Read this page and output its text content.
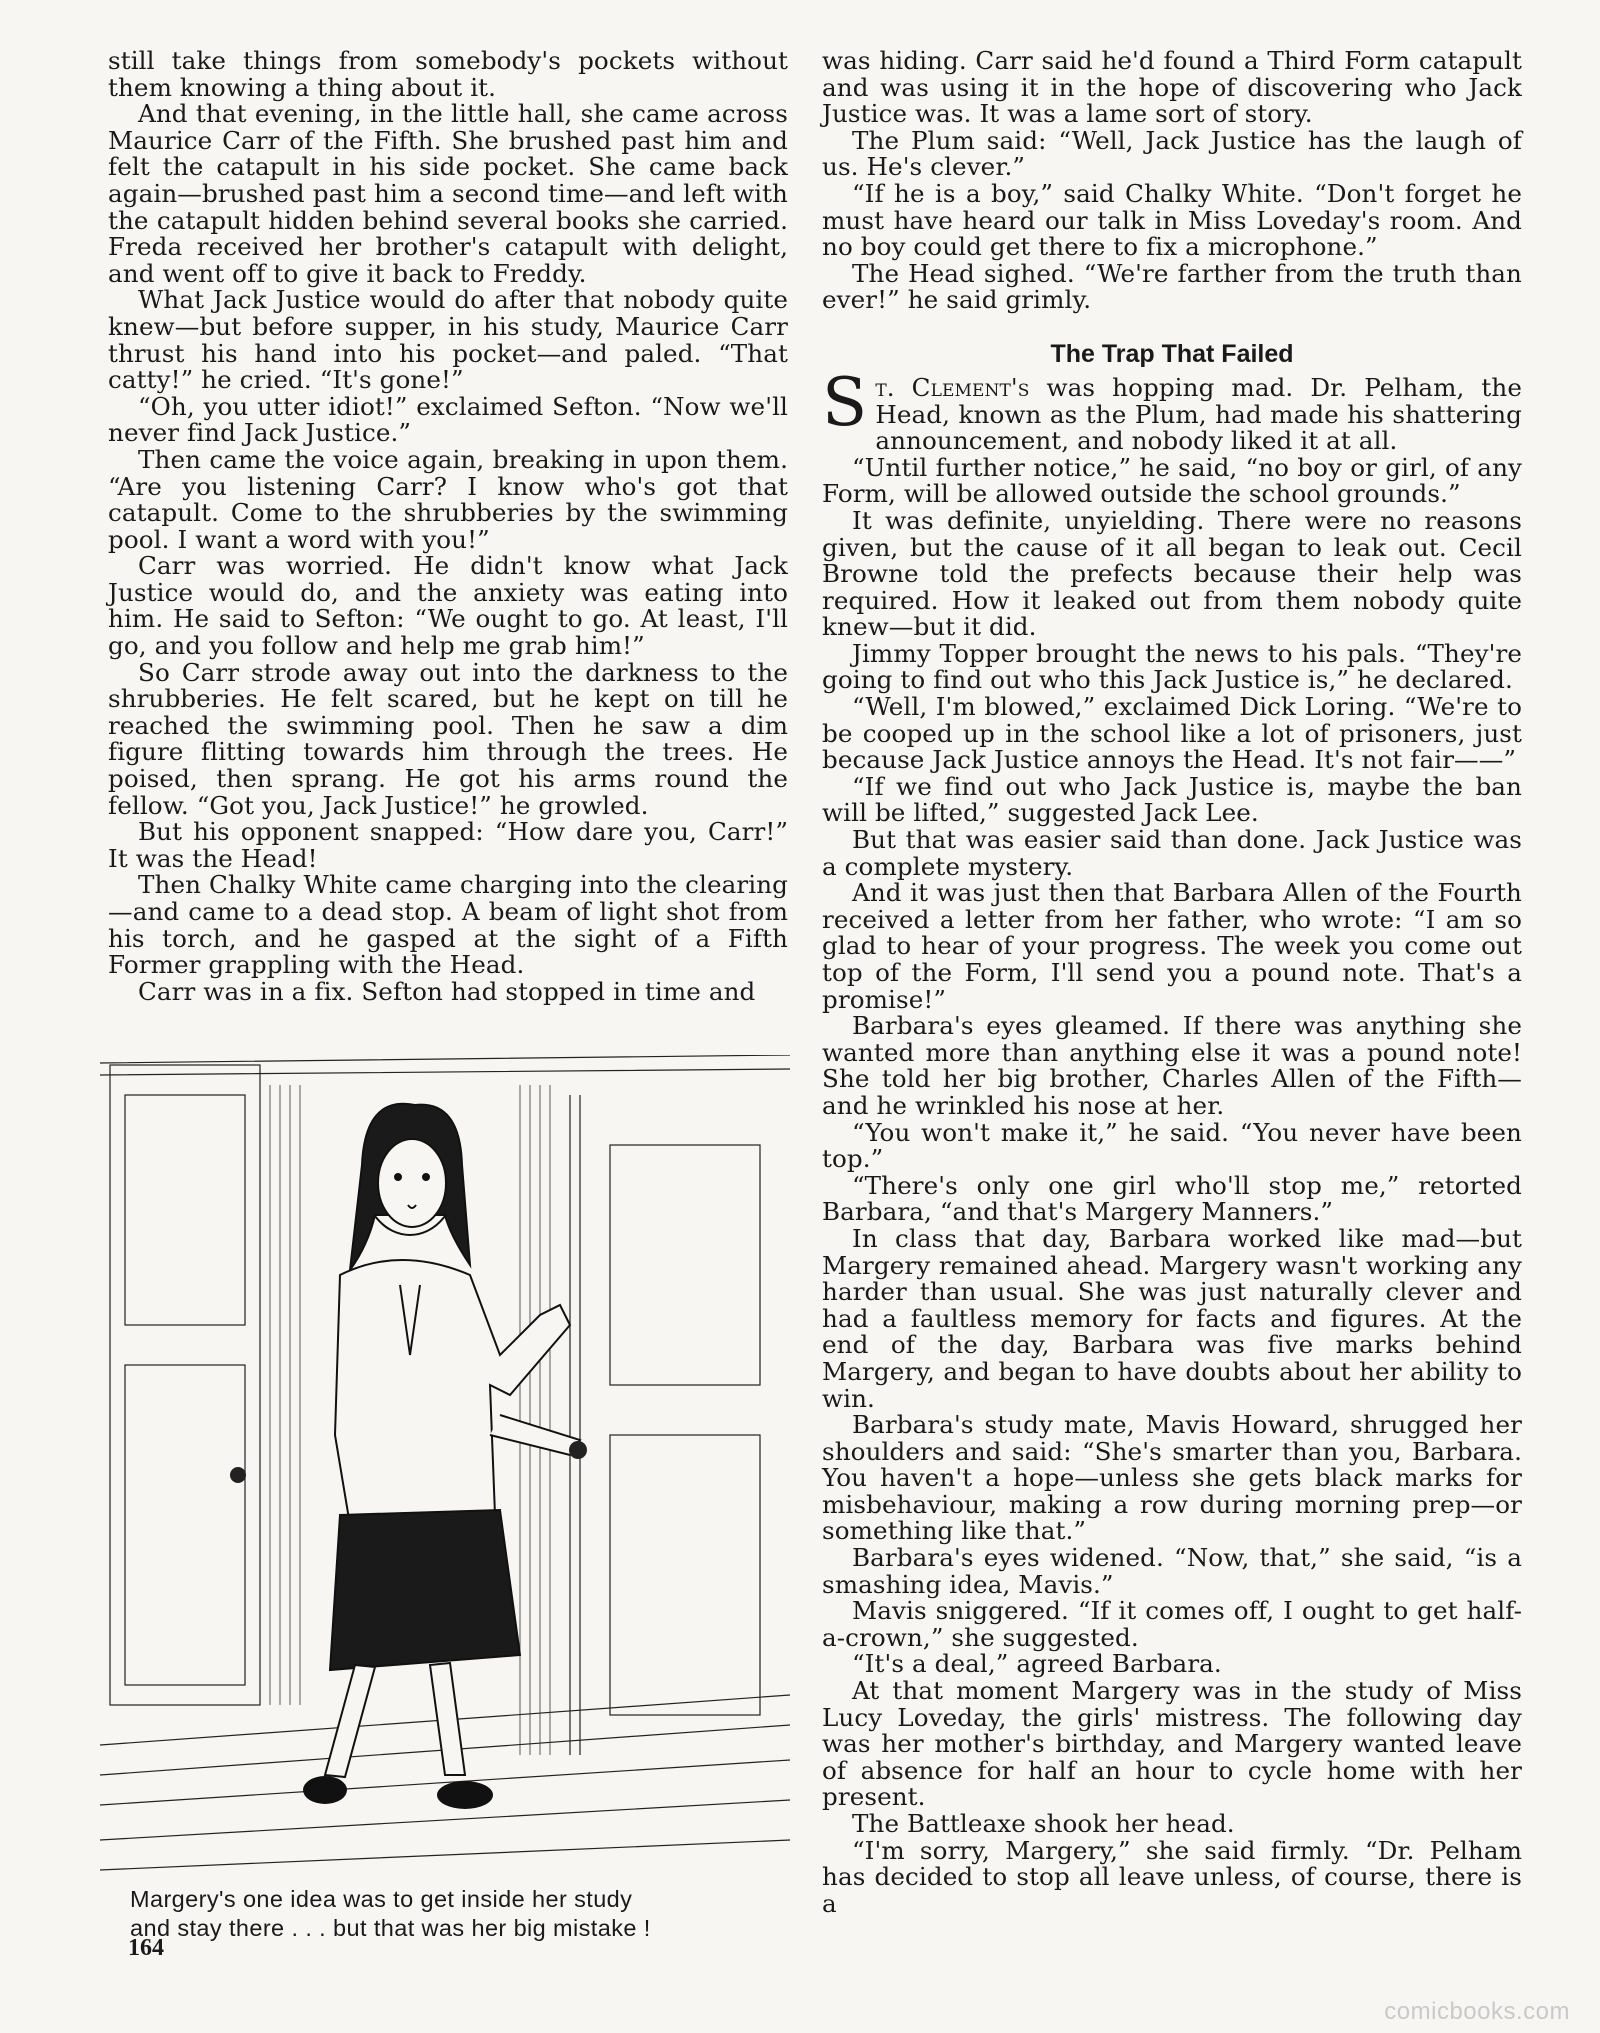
still take things from somebody's pockets without them knowing a thing about it.

And that evening, in the little hall, she came across Maurice Carr of the Fifth. She brushed past him and felt the catapult in his side pocket. She came back again—brushed past him a second time—and left with the catapult hidden behind several books she carried. Freda received her brother's catapult with delight, and went off to give it back to Freddy.

What Jack Justice would do after that nobody quite knew—but before supper, in his study, Maurice Carr thrust his hand into his pocket—and paled. “That catty!” he cried. “It's gone!”

“Oh, you utter idiot!” exclaimed Sefton. “Now we'll never find Jack Justice.”

Then came the voice again, breaking in upon them. “Are you listening Carr? I know who's got that catapult. Come to the shrubberies by the swimming pool. I want a word with you!”

Carr was worried. He didn't know what Jack Justice would do, and the anxiety was eating into him. He said to Sefton: “We ought to go. At least, I'll go, and you follow and help me grab him!”

So Carr strode away out into the darkness to the shrubberies. He felt scared, but he kept on till he reached the swimming pool. Then he saw a dim figure flitting towards him through the trees. He poised, then sprang. He got his arms round the fellow. “Got you, Jack Justice!” he growled.

But his opponent snapped: “How dare you, Carr!” It was the Head!

Then Chalky White came charging into the clearing —and came to a dead stop. A beam of light shot from his torch, and he gasped at the sight of a Fifth Former grappling with the Head.

Carr was in a fix. Sefton had stopped in time and

Margery's one idea was to get inside her study
and stay there . . . but that was her big mistake !

was hiding. Carr said he'd found a Third Form catapult and was using it in the hope of discovering who Jack Justice was. It was a lame sort of story.

The Plum said: “Well, Jack Justice has the laugh of us. He's clever.”

“If he is a boy,” said Chalky White. “Don't forget he must have heard our talk in Miss Loveday's room. And no boy could get there to fix a microphone.”

The Head sighed. “We're farther from the truth than ever!” he said grimly.

The Trap That Failed

St. Clement's was hopping mad. Dr. Pelham, the Head, known as the Plum, had made his shattering announcement, and nobody liked it at all.

“Until further notice,” he said, “no boy or girl, of any Form, will be allowed outside the school grounds.”

It was definite, unyielding. There were no reasons given, but the cause of it all began to leak out. Cecil Browne told the prefects because their help was required. How it leaked out from them nobody quite knew—but it did.

Jimmy Topper brought the news to his pals. “They're going to find out who this Jack Justice is,” he declared.

“Well, I'm blowed,” exclaimed Dick Loring. “We're to be cooped up in the school like a lot of prisoners, just because Jack Justice annoys the Head. It's not fair——”

“If we find out who Jack Justice is, maybe the ban will be lifted,” suggested Jack Lee.

But that was easier said than done. Jack Justice was a complete mystery.

And it was just then that Barbara Allen of the Fourth received a letter from her father, who wrote: “I am so glad to hear of your progress. The week you come out top of the Form, I'll send you a pound note. That's a promise!”

Barbara's eyes gleamed. If there was anything she wanted more than anything else it was a pound note! She told her big brother, Charles Allen of the Fifth—and he wrinkled his nose at her.

“You won't make it,” he said. “You never have been top.”

“There's only one girl who'll stop me,” retorted Barbara, “and that's Margery Manners.”

In class that day, Barbara worked like mad—but Margery remained ahead. Margery wasn't working any harder than usual. She was just naturally clever and had a faultless memory for facts and figures. At the end of the day, Barbara was five marks behind Margery, and began to have doubts about her ability to win.

Barbara's study mate, Mavis Howard, shrugged her shoulders and said: “She's smarter than you, Barbara. You haven't a hope—unless she gets black marks for misbehaviour, making a row during morning prep—or something like that.”

Barbara's eyes widened. “Now, that,” she said, “is a smashing idea, Mavis.”

Mavis sniggered. “If it comes off, I ought to get half-a-crown,” she suggested.

“It's a deal,” agreed Barbara.

At that moment Margery was in the study of Miss Lucy Loveday, the girls' mistress. The following day was her mother's birthday, and Margery wanted leave of absence for half an hour to cycle home with her present.

The Battleaxe shook her head.

“I'm sorry, Margery,” she said firmly. “Dr. Pelham has decided to stop all leave unless, of course, there is a

164
comicbooks.com
